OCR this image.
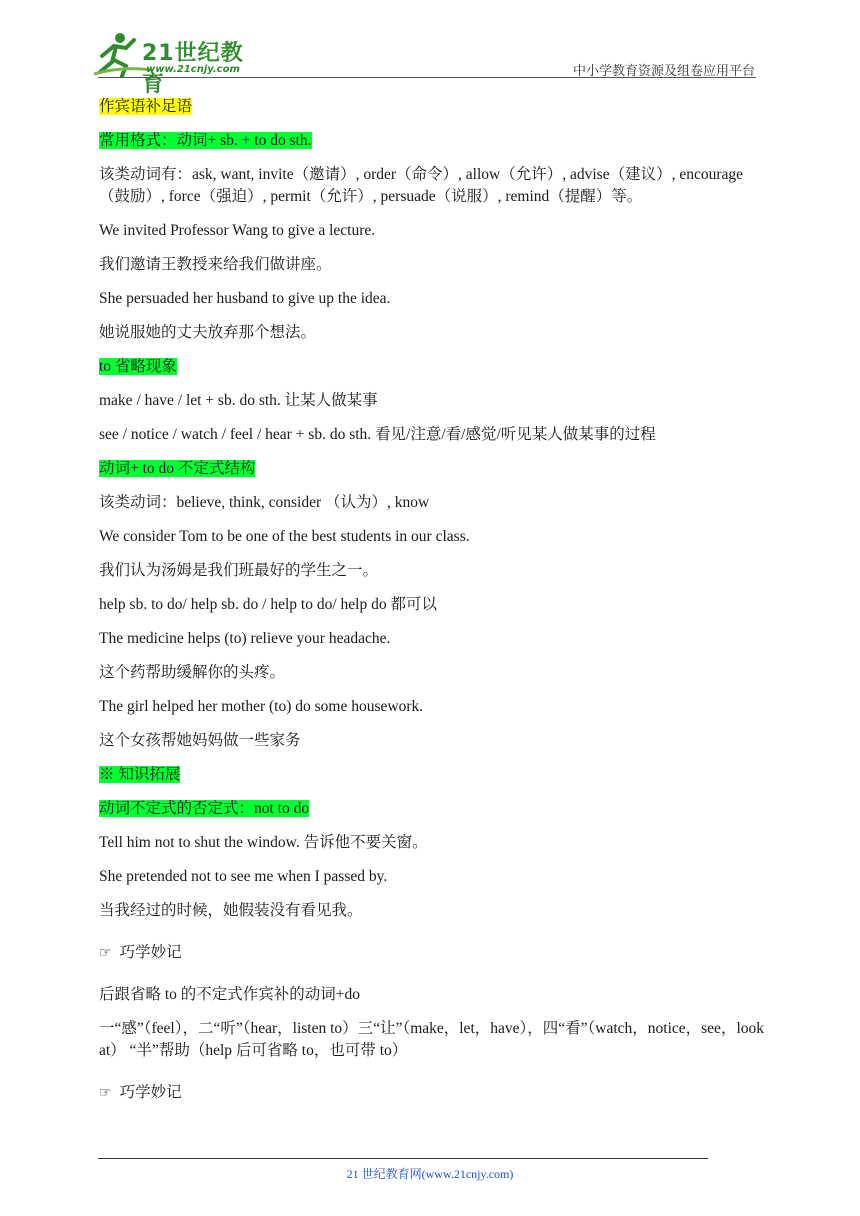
21世纪教育
www.21cnjy.com	中小学教育资源及组卷应用平台
作宾语补足语
常用格式：动词+ sb. + to do sth.
该类动词有：ask, want, invite（邀请）, order（命令）, allow（允许）, advise（建议）, encourage（鼓励）, force（强迫）, permit（允许）, persuade（说服）, remind（提醒）等。
We invited Professor Wang to give a lecture.
我们邀请王教授来给我们做讲座。
She persuaded her husband to give up the idea.
她说服她的丈夫放弃那个想法。
to 省略现象
make / have / let + sb. do sth. 让某人做某事
see / notice / watch / feel / hear + sb. do sth. 看见/注意/看/感觉/听见某人做某事的过程
动词+ to do 不定式结构
该类动词：believe, think, consider （认为）, know
We consider Tom to be one of the best students in our class.
我们认为汤姆是我们班最好的学生之一。
help sb. to do/ help sb. do / help to do/ help do 都可以
The medicine helps (to) relieve your headache.
这个药帮助缓解你的头疼。
The girl helped her mother (to) do some housework.
这个女孩帮她妈妈做一些家务
※ 知识拓展
动词不定式的否定式：not to do
Tell him not to shut the window. 告诉他不要关窗。
She pretended not to see me when I passed by.
当我经过的时候，她假装没有看见我。
☞ 巧学妙记
后跟省略 to 的不定式作宾补的动词+do
一“感”（feel），二“听”（hear，listen to）三“让”（make，let，have），四“看”（watch，notice，see，look at） “半”帮助（help 后可省略 to，也可带 to）
☞ 巧学妙记
21 世纪教育网(www.21cnjy.com)
